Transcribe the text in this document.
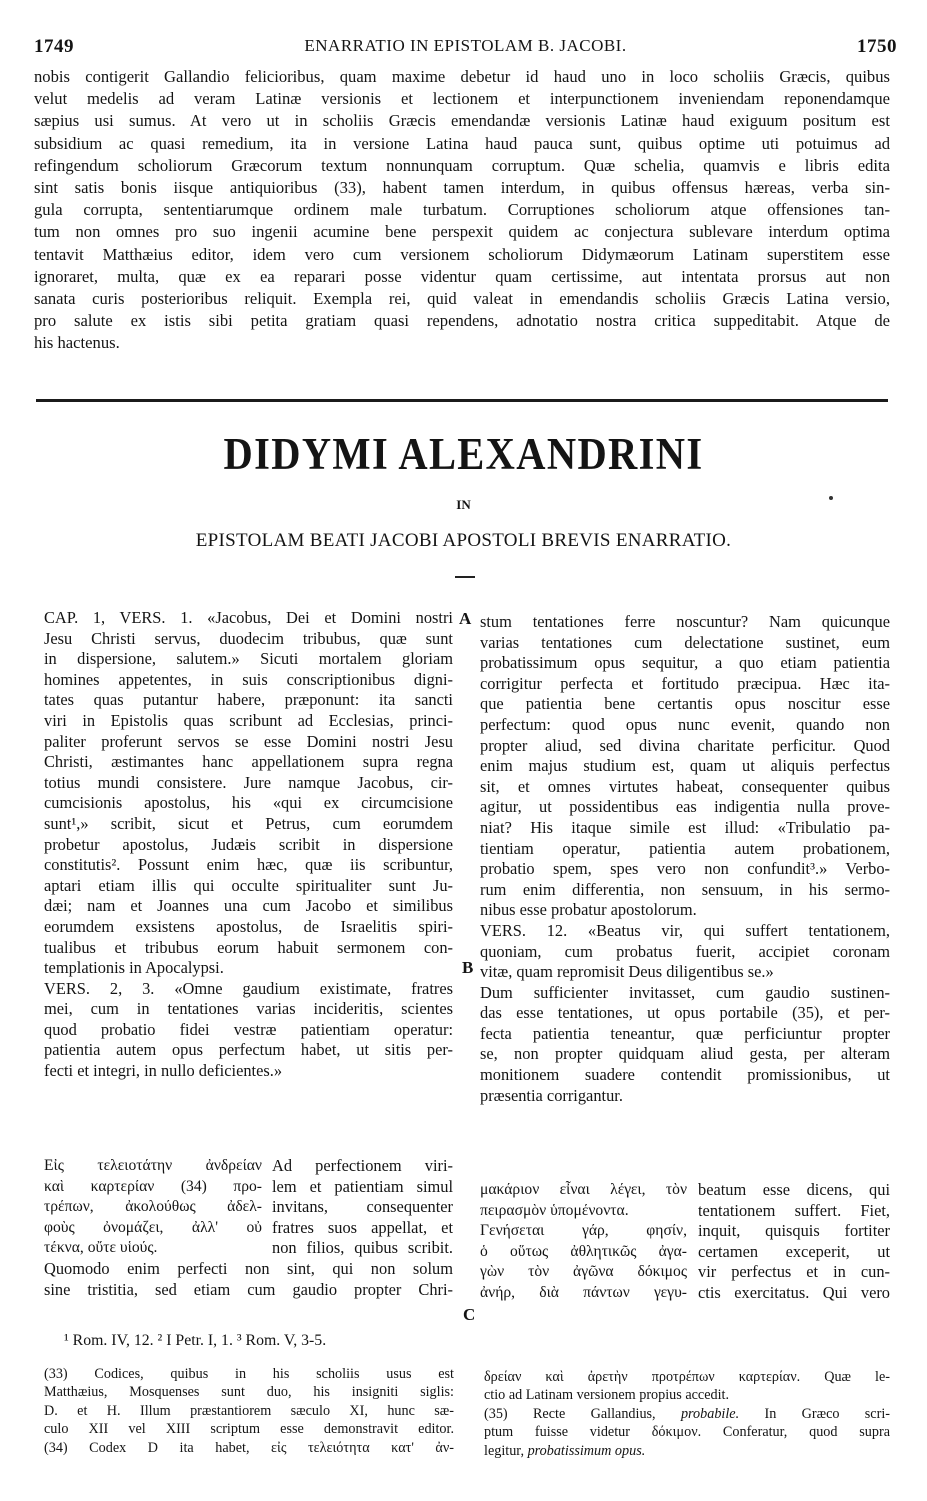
1749	ENARRATIO IN EPISTOLAM B. JACOBI.	1750
nobis contigerit Gallandio felicioribus, quam maxime debetur id haud uno in loco scholiis Græcis, quibus
velut medelis ad veram Latinæ versionis et lectionem et interpunctionem inveniendam reponendamque
sæpius usi sumus. At vero ut in scholiis Græcis emendandæ versionis Latinæ haud exiguum positum est
subsidium ac quasi remedium, ita in versione Latina haud pauca sunt, quibus optime uti potuimus ad
refingendum scholiorum Græcorum textum nonnunquam corruptum. Quæ schelia, quamvis e libris edita
sint satis bonis iisque antiquioribus (33), habent tamen interdum, in quibus offensus hæreas, verba sin-
gula corrupta, sententiarumque ordinem male turbatum. Corruptiones scholiorum atque offensiones tan-
tum non omnes pro suo ingenii acumine bene perspexit quidem ac conjectura sublevare interdum optima
tentavit Matthæius editor, idem vero cum versionem scholiorum Didymæorum Latinam superstitem esse
ignoraret, multa, quæ ex ea reparari posse videntur quam certissime, aut intentata prorsus aut non
sanata curis posterioribus reliquit. Exempla rei, quid valeat in emendandis scholiis Græcis Latina versio,
pro salute ex istis sibi petita gratiam quasi rependens, adnotatio nostra critica suppeditabit. Atque de
his hactenus.
DIDYMI ALEXANDRINI
IN
EPISTOLAM BEATI JACOBI APOSTOLI BREVIS ENARRATIO.
A
B
C
CAP. 1, VERS. 1. «Jacobus, Dei et Domini nostri
Jesu Christi servus, duodecim tribubus, quæ sunt
in dispersione, salutem.» Sicuti mortalem gloriam
homines appetentes, in suis conscriptionibus digni-
tates quas putantur habere, præponunt: ita sancti
viri in Epistolis quas scribunt ad Ecclesias, princi-
paliter proferunt servos se esse Domini nostri Jesu
Christi, æstimantes hanc appellationem supra regna
totius mundi consistere. Jure namque Jacobus, cir-
cumcisionis apostolus, his «qui ex circumcisione
sunt¹,» scribit, sicut et Petrus, cum eorumdem
probetur apostolus, Judæis scribit in dispersione
constitutis². Possunt enim hæc, quæ iis scribuntur,
aptari etiam illis qui occulte spiritualiter sunt Ju-
dæi; nam et Joannes una cum Jacobo et similibus
eorumdem exsistens apostolus, de Israelitis spiri-
tualibus et tribubus eorum habuit sermonem con-
templationis in Apocalypsi.
VERS. 2, 3. «Omne gaudium existimate, fratres
mei, cum in tentationes varias incideritis, scientes
quod probatio fidei vestræ patientiam operatur:
patientia autem opus perfectum habet, ut sitis per-
fecti et integri, in nullo deficientes.»
Εἰς τελειοτάτην ἀνδρείαν
καὶ καρτερίαν (34) προ-
τρέπων, ἀκολούθως ἀδελ-
φοὺς ὀνομάζει, ἀλλ' οὐ
τέκνα, οὔτε υἱούς.
Ad perfectionem viri-
lem et patientiam simul
invitans, consequenter
fratres suos appellat, et
non filios, quibus scribit.
Quomodo enim perfecti non sint, qui non solum
sine tristitia, sed etiam cum gaudio propter Chri-
stum tentationes ferre noscuntur? Nam quicunque
varias tentationes cum delectatione sustinet, eum
probatissimum opus sequitur, a quo etiam patientia
corrigitur perfecta et fortitudo præcipua. Hæc ita-
que patientia bene certantis opus noscitur esse
perfectum: quod opus nunc evenit, quando non
propter aliud, sed divina charitate perficitur. Quod
enim majus studium est, quam ut aliquis perfectus
sit, et omnes virtutes habeat, consequenter quibus
agitur, ut possidentibus eas indigentia nulla prove-
niat? His itaque simile est illud: «Tribulatio pa-
tientiam operatur, patientia autem probationem,
probatio spem, spes vero non confundit³.» Verbo-
rum enim differentia, non sensuum, in his sermo-
nibus esse probatur apostolorum.
VERS. 12. «Beatus vir, qui suffert tentationem,
quoniam, cum probatus fuerit, accipiet coronam
vitæ, quam repromisit Deus diligentibus se.»
Dum sufficienter invitasset, cum gaudio sustinen-
das esse tentationes, ut opus portabile (35), et per-
fecta patientia teneantur, quæ perficiuntur propter
se, non propter quidquam aliud gesta, per alteram
monitionem suadere contendit promissionibus, ut
præsentia corrigantur.
μακάριον εἶναι λέγει, τὸν
πειρασμὸν ὑπομένοντα.
Γενήσεται γάρ, φησίν,
ὁ οὕτως ἀθλητικῶς ἀγα-
γὼν τὸν ἀγῶνα δόκιμος
ἀνήρ, διὰ πάντων γεγυ-
beatum esse dicens, qui
tentationem suffert. Fiet,
inquit, quisquis fortiter
certamen exceperit, ut
vir perfectus et in cun-
ctis exercitatus. Qui vero
¹ Rom. IV, 12. ² I Petr. I, 1. ³ Rom. V, 3-5.
(33) Codices, quibus in his scholiis usus est
Matthæius, Mosquenses sunt duo, his insigniti siglis:
D. et H. Illum præstantiorem sæculo XI, hunc sæ-
culo XII vel XIII scriptum esse demonstravit editor.
(34) Codex D ita habet, εἰς τελειότητα κατ' ἀν-
δρείαν καὶ ἀρετὴν προτρέπων καρτερίαν. Quæ le-
ctio ad Latinam versionem propius accedit.
(35) Recte Gallandius, probabile. In Græco scri-
ptum fuisse videtur δόκιμον. Conferatur, quod supra
legitur, probatissimum opus.
